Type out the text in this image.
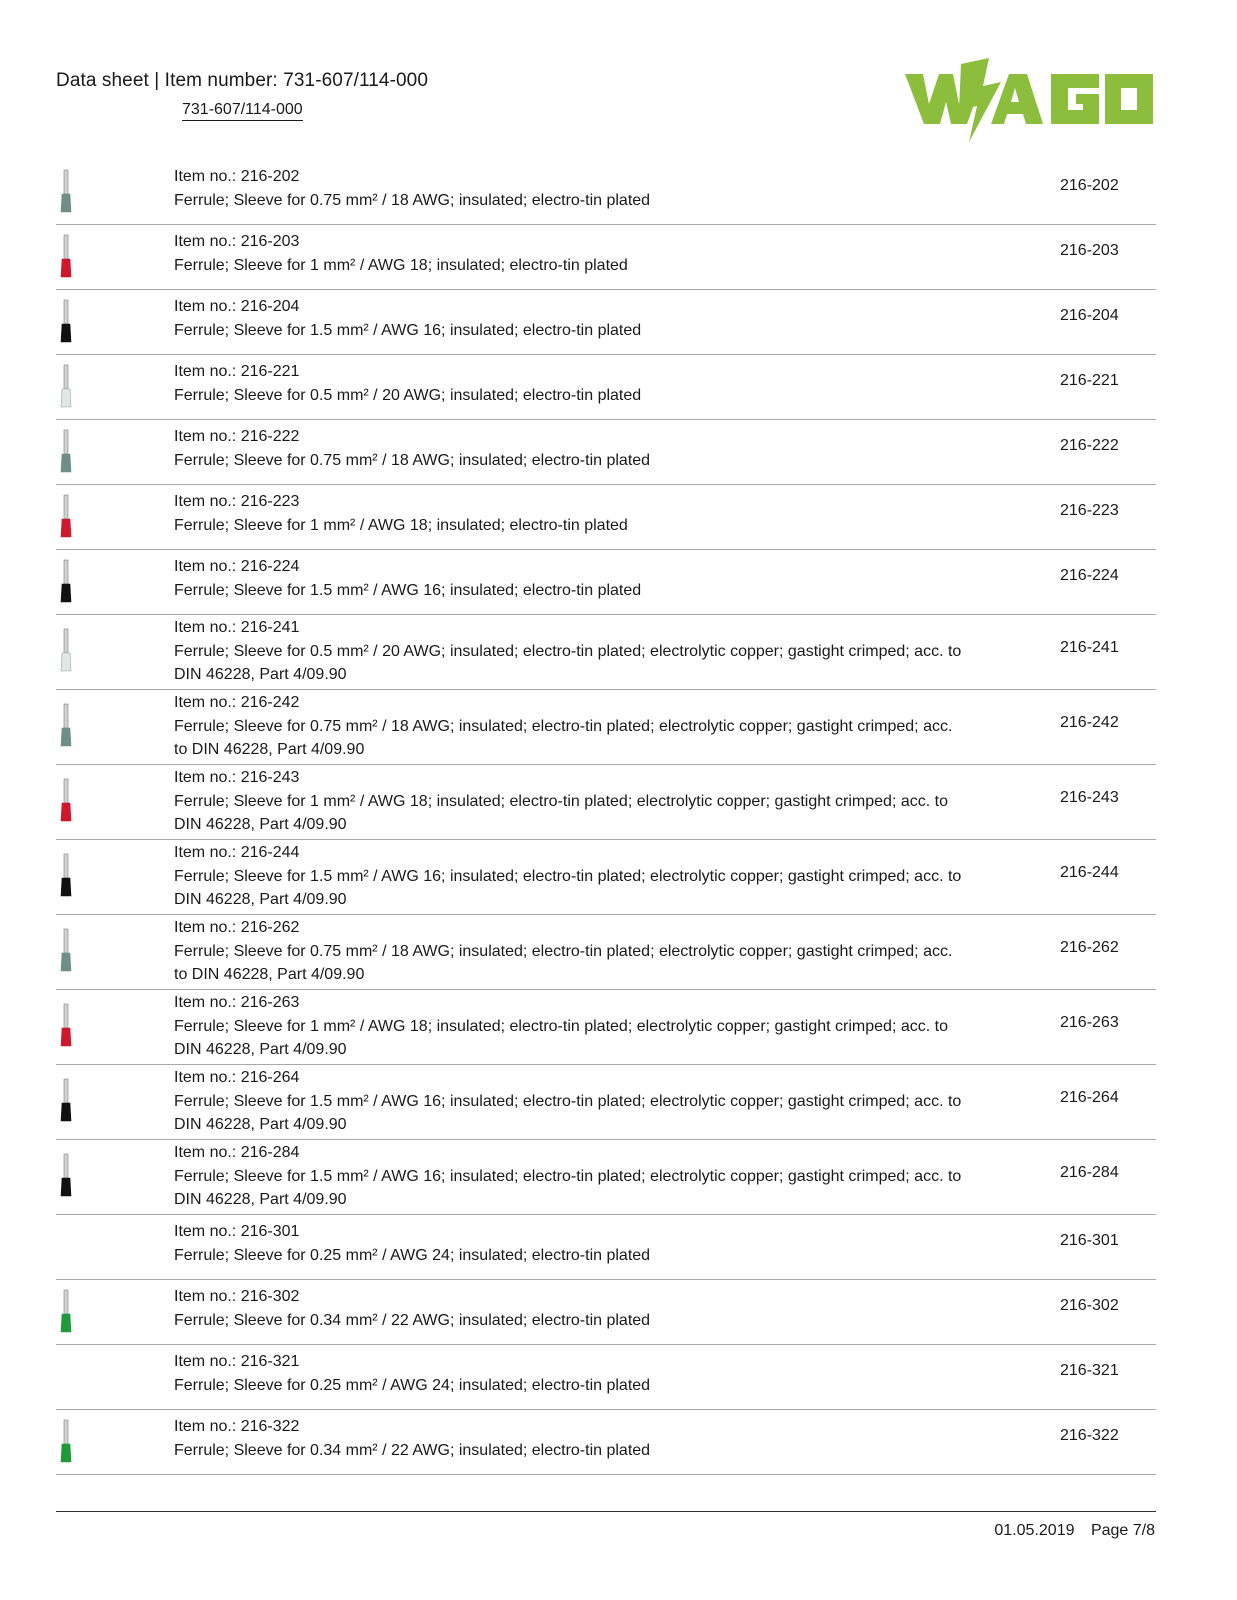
Data sheet | Item number: 731-607/114-000
731-607/114-000
Item no.: 216-202
Ferrule; Sleeve for 0.75 mm² / 18 AWG; insulated; electro-tin plated
216-202
Item no.: 216-203
Ferrule; Sleeve for 1 mm² / AWG 18; insulated; electro-tin plated
216-203
Item no.: 216-204
Ferrule; Sleeve for 1.5 mm² / AWG 16; insulated; electro-tin plated
216-204
Item no.: 216-221
Ferrule; Sleeve for 0.5 mm² / 20 AWG; insulated; electro-tin plated
216-221
Item no.: 216-222
Ferrule; Sleeve for 0.75 mm² / 18 AWG; insulated; electro-tin plated
216-222
Item no.: 216-223
Ferrule; Sleeve for 1 mm² / AWG 18; insulated; electro-tin plated
216-223
Item no.: 216-224
Ferrule; Sleeve for 1.5 mm² / AWG 16; insulated; electro-tin plated
216-224
Item no.: 216-241
Ferrule; Sleeve for 0.5 mm² / 20 AWG; insulated; electro-tin plated; electrolytic copper; gastight crimped; acc. to DIN 46228, Part 4/09.90
216-241
Item no.: 216-242
Ferrule; Sleeve for 0.75 mm² / 18 AWG; insulated; electro-tin plated; electrolytic copper; gastight crimped; acc. to DIN 46228, Part 4/09.90
216-242
Item no.: 216-243
Ferrule; Sleeve for 1 mm² / AWG 18; insulated; electro-tin plated; electrolytic copper; gastight crimped; acc. to DIN 46228, Part 4/09.90
216-243
Item no.: 216-244
Ferrule; Sleeve for 1.5 mm² / AWG 16; insulated; electro-tin plated; electrolytic copper; gastight crimped; acc. to DIN 46228, Part 4/09.90
216-244
Item no.: 216-262
Ferrule; Sleeve for 0.75 mm² / 18 AWG; insulated; electro-tin plated; electrolytic copper; gastight crimped; acc. to DIN 46228, Part 4/09.90
216-262
Item no.: 216-263
Ferrule; Sleeve for 1 mm² / AWG 18; insulated; electro-tin plated; electrolytic copper; gastight crimped; acc. to DIN 46228, Part 4/09.90
216-263
Item no.: 216-264
Ferrule; Sleeve for 1.5 mm² / AWG 16; insulated; electro-tin plated; electrolytic copper; gastight crimped; acc. to DIN 46228, Part 4/09.90
216-264
Item no.: 216-284
Ferrule; Sleeve for 1.5 mm² / AWG 16; insulated; electro-tin plated; electrolytic copper; gastight crimped; acc. to DIN 46228, Part 4/09.90
216-284
Item no.: 216-301
Ferrule; Sleeve for 0.25 mm² / AWG 24; insulated; electro-tin plated
216-301
Item no.: 216-302
Ferrule; Sleeve for 0.34 mm² / 22 AWG; insulated; electro-tin plated
216-302
Item no.: 216-321
Ferrule; Sleeve for 0.25 mm² / AWG 24; insulated; electro-tin plated
216-321
Item no.: 216-322
Ferrule; Sleeve for 0.34 mm² / 22 AWG; insulated; electro-tin plated
216-322
01.05.2019 Page 7/8
